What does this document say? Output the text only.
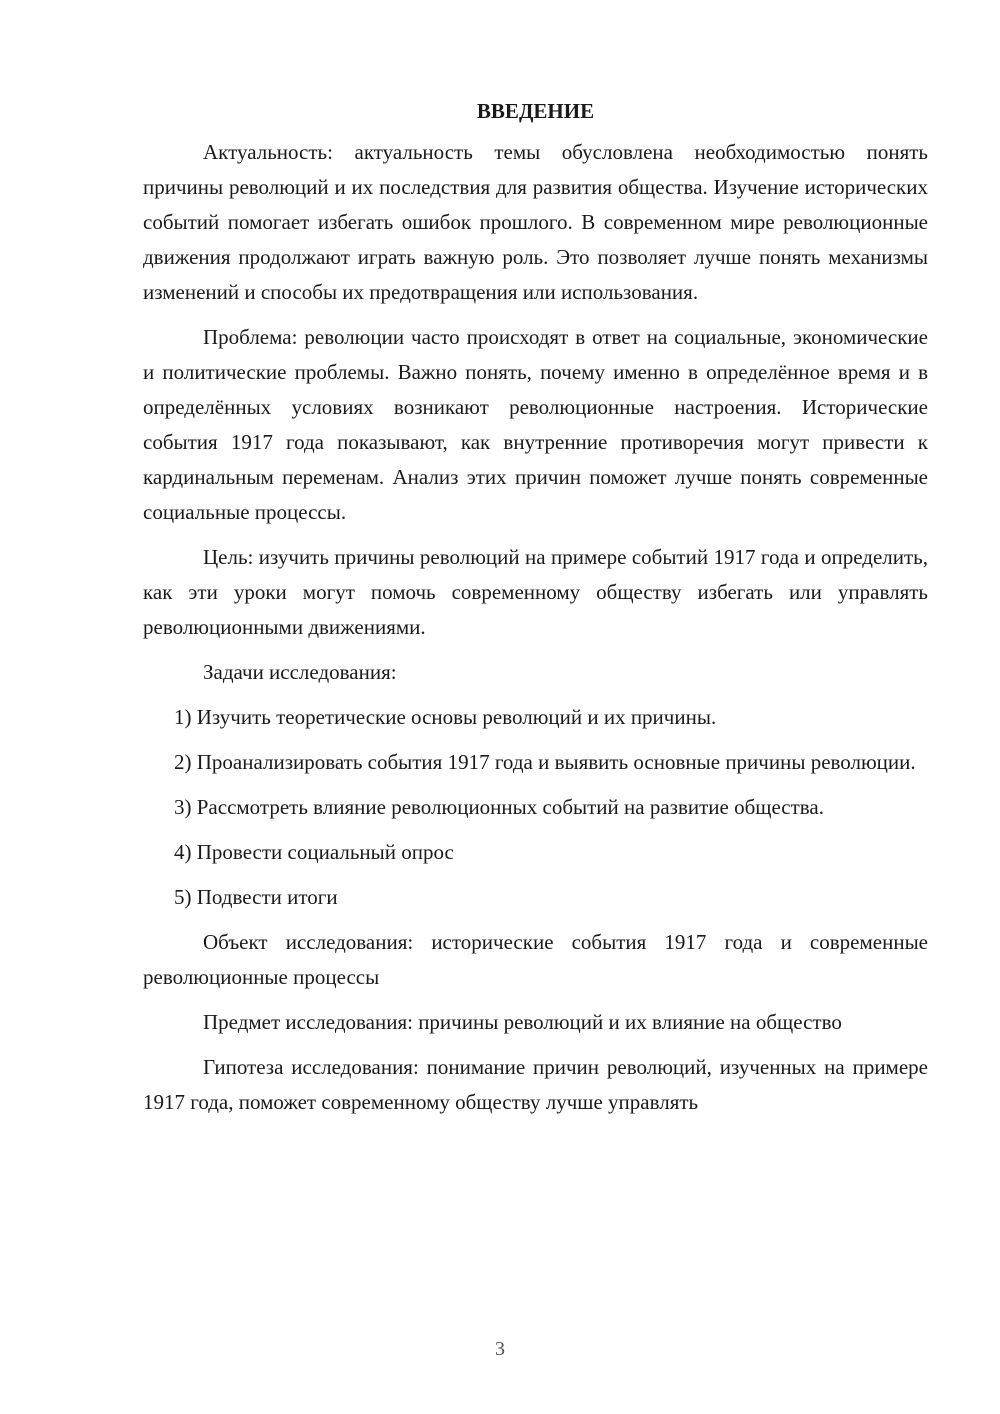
ВВЕДЕНИЕ

Актуальность: актуальность темы обусловлена необходимостью понять причины революций и их последствия для развития общества. Изучение исторических событий помогает избегать ошибок прошлого. В современном мире революционные движения продолжают играть важную роль. Это позволяет лучше понять механизмы изменений и способы их предотвращения или использования.

Проблема: революции часто происходят в ответ на социальные, экономические и политические проблемы. Важно понять, почему именно в определённое время и в определённых условиях возникают революционные настроения. Исторические события 1917 года показывают, как внутренние противоречия могут привести к кардинальным переменам. Анализ этих причин поможет лучше понять современные социальные процессы.

Цель: изучить причины революций на примере событий 1917 года и определить, как эти уроки могут помочь современному обществу избегать или управлять революционными движениями.

Задачи исследования:

1) Изучить теоретические основы революций и их причины.

2) Проанализировать события 1917 года и выявить основные причины революции.

3) Рассмотреть влияние революционных событий на развитие общества.

4) Провести социальный опрос

5) Подвести итоги

Объект исследования: исторические события 1917 года и современные революционные процессы

Предмет исследования: причины революций и их влияние на общество

Гипотеза исследования: понимание причин революций, изученных на примере 1917 года, поможет современному обществу лучше управлять

3
